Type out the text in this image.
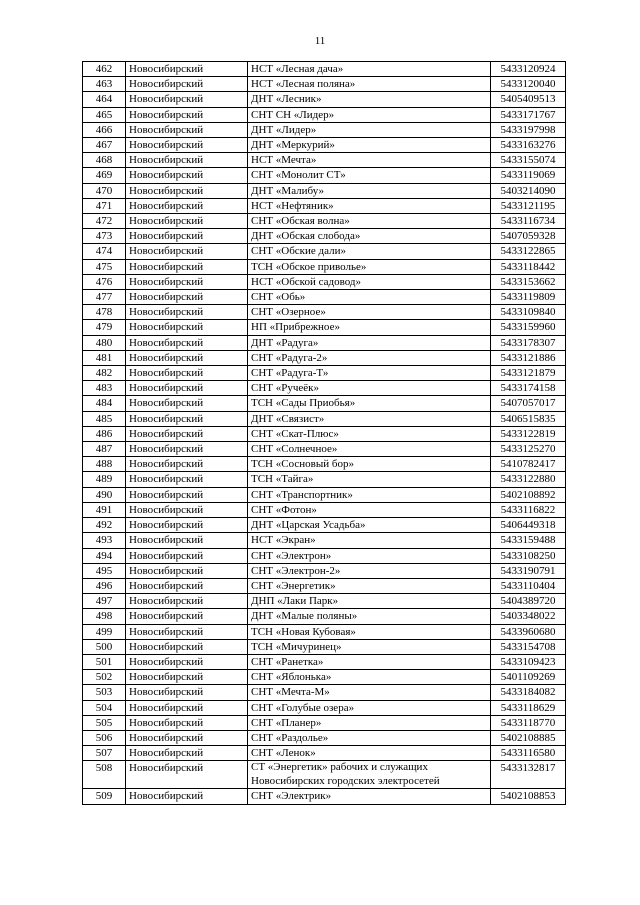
11
462	Новосибирский	НСТ «Лесная дача»	5433120924
463	Новосибирский	НСТ «Лесная поляна»	5433120040
464	Новосибирский	ДНТ «Лесник»	5405409513
465	Новосибирский	СНТ СН «Лидер»	5433171767
466	Новосибирский	ДНТ «Лидер»	5433197998
467	Новосибирский	ДНТ «Меркурий»	5433163276
468	Новосибирский	НСТ «Мечта»	5433155074
469	Новосибирский	СНТ «Монолит СТ»	5433119069
470	Новосибирский	ДНТ «Малибу»	5403214090
471	Новосибирский	НСТ «Нефтяник»	5433121195
472	Новосибирский	СНТ «Обская волна»	5433116734
473	Новосибирский	ДНТ «Обская слобода»	5407059328
474	Новосибирский	СНТ «Обские дали»	5433122865
475	Новосибирский	ТСН «Обское приволье»	5433118442
476	Новосибирский	НСТ «Обской садовод»	5433153662
477	Новосибирский	СНТ «Обь»	5433119809
478	Новосибирский	СНТ «Озерное»	5433109840
479	Новосибирский	НП «Прибрежное»	5433159960
480	Новосибирский	ДНТ «Радуга»	5433178307
481	Новосибирский	СНТ «Радуга-2»	5433121886
482	Новосибирский	СНТ «Радуга-Т»	5433121879
483	Новосибирский	СНТ «Ручеёк»	5433174158
484	Новосибирский	ТСН «Сады Приобья»	5407057017
485	Новосибирский	ДНТ «Связист»	5406515835
486	Новосибирский	СНТ «Скат-Плюс»	5433122819
487	Новосибирский	СНТ «Солнечное»	5433125270
488	Новосибирский	ТСН «Сосновый бор»	5410782417
489	Новосибирский	ТСН «Тайга»	5433122880
490	Новосибирский	СНТ «Транспортник»	5402108892
491	Новосибирский	СНТ «Фотон»	5433116822
492	Новосибирский	ДНТ «Царская Усадьба»	5406449318
493	Новосибирский	НСТ «Экран»	5433159488
494	Новосибирский	СНТ «Электрон»	5433108250
495	Новосибирский	СНТ «Электрон-2»	5433190791
496	Новосибирский	СНТ «Энергетик»	5433110404
497	Новосибирский	ДНП «Лаки Парк»	5404389720
498	Новосибирский	ДНТ «Малые поляны»	5403348022
499	Новосибирский	ТСН «Новая Кубовая»	5433960680
500	Новосибирский	ТСН «Мичуринец»	5433154708
501	Новосибирский	СНТ «Ранетка»	5433109423
502	Новосибирский	СНТ «Яблонька»	5401109269
503	Новосибирский	СНТ «Мечта-М»	5433184082
504	Новосибирский	СНТ «Голубые озера»	5433118629
505	Новосибирский	СНТ «Планер»	5433118770
506	Новосибирский	СНТ «Раздолье»	5402108885
507	Новосибирский	СНТ «Ленок»	5433116580
508	Новосибирский	СТ «Энергетик» рабочих и служащих Новосибирских городских электросетей	5433132817
509	Новосибирский	СНТ «Электрик»	5402108853
